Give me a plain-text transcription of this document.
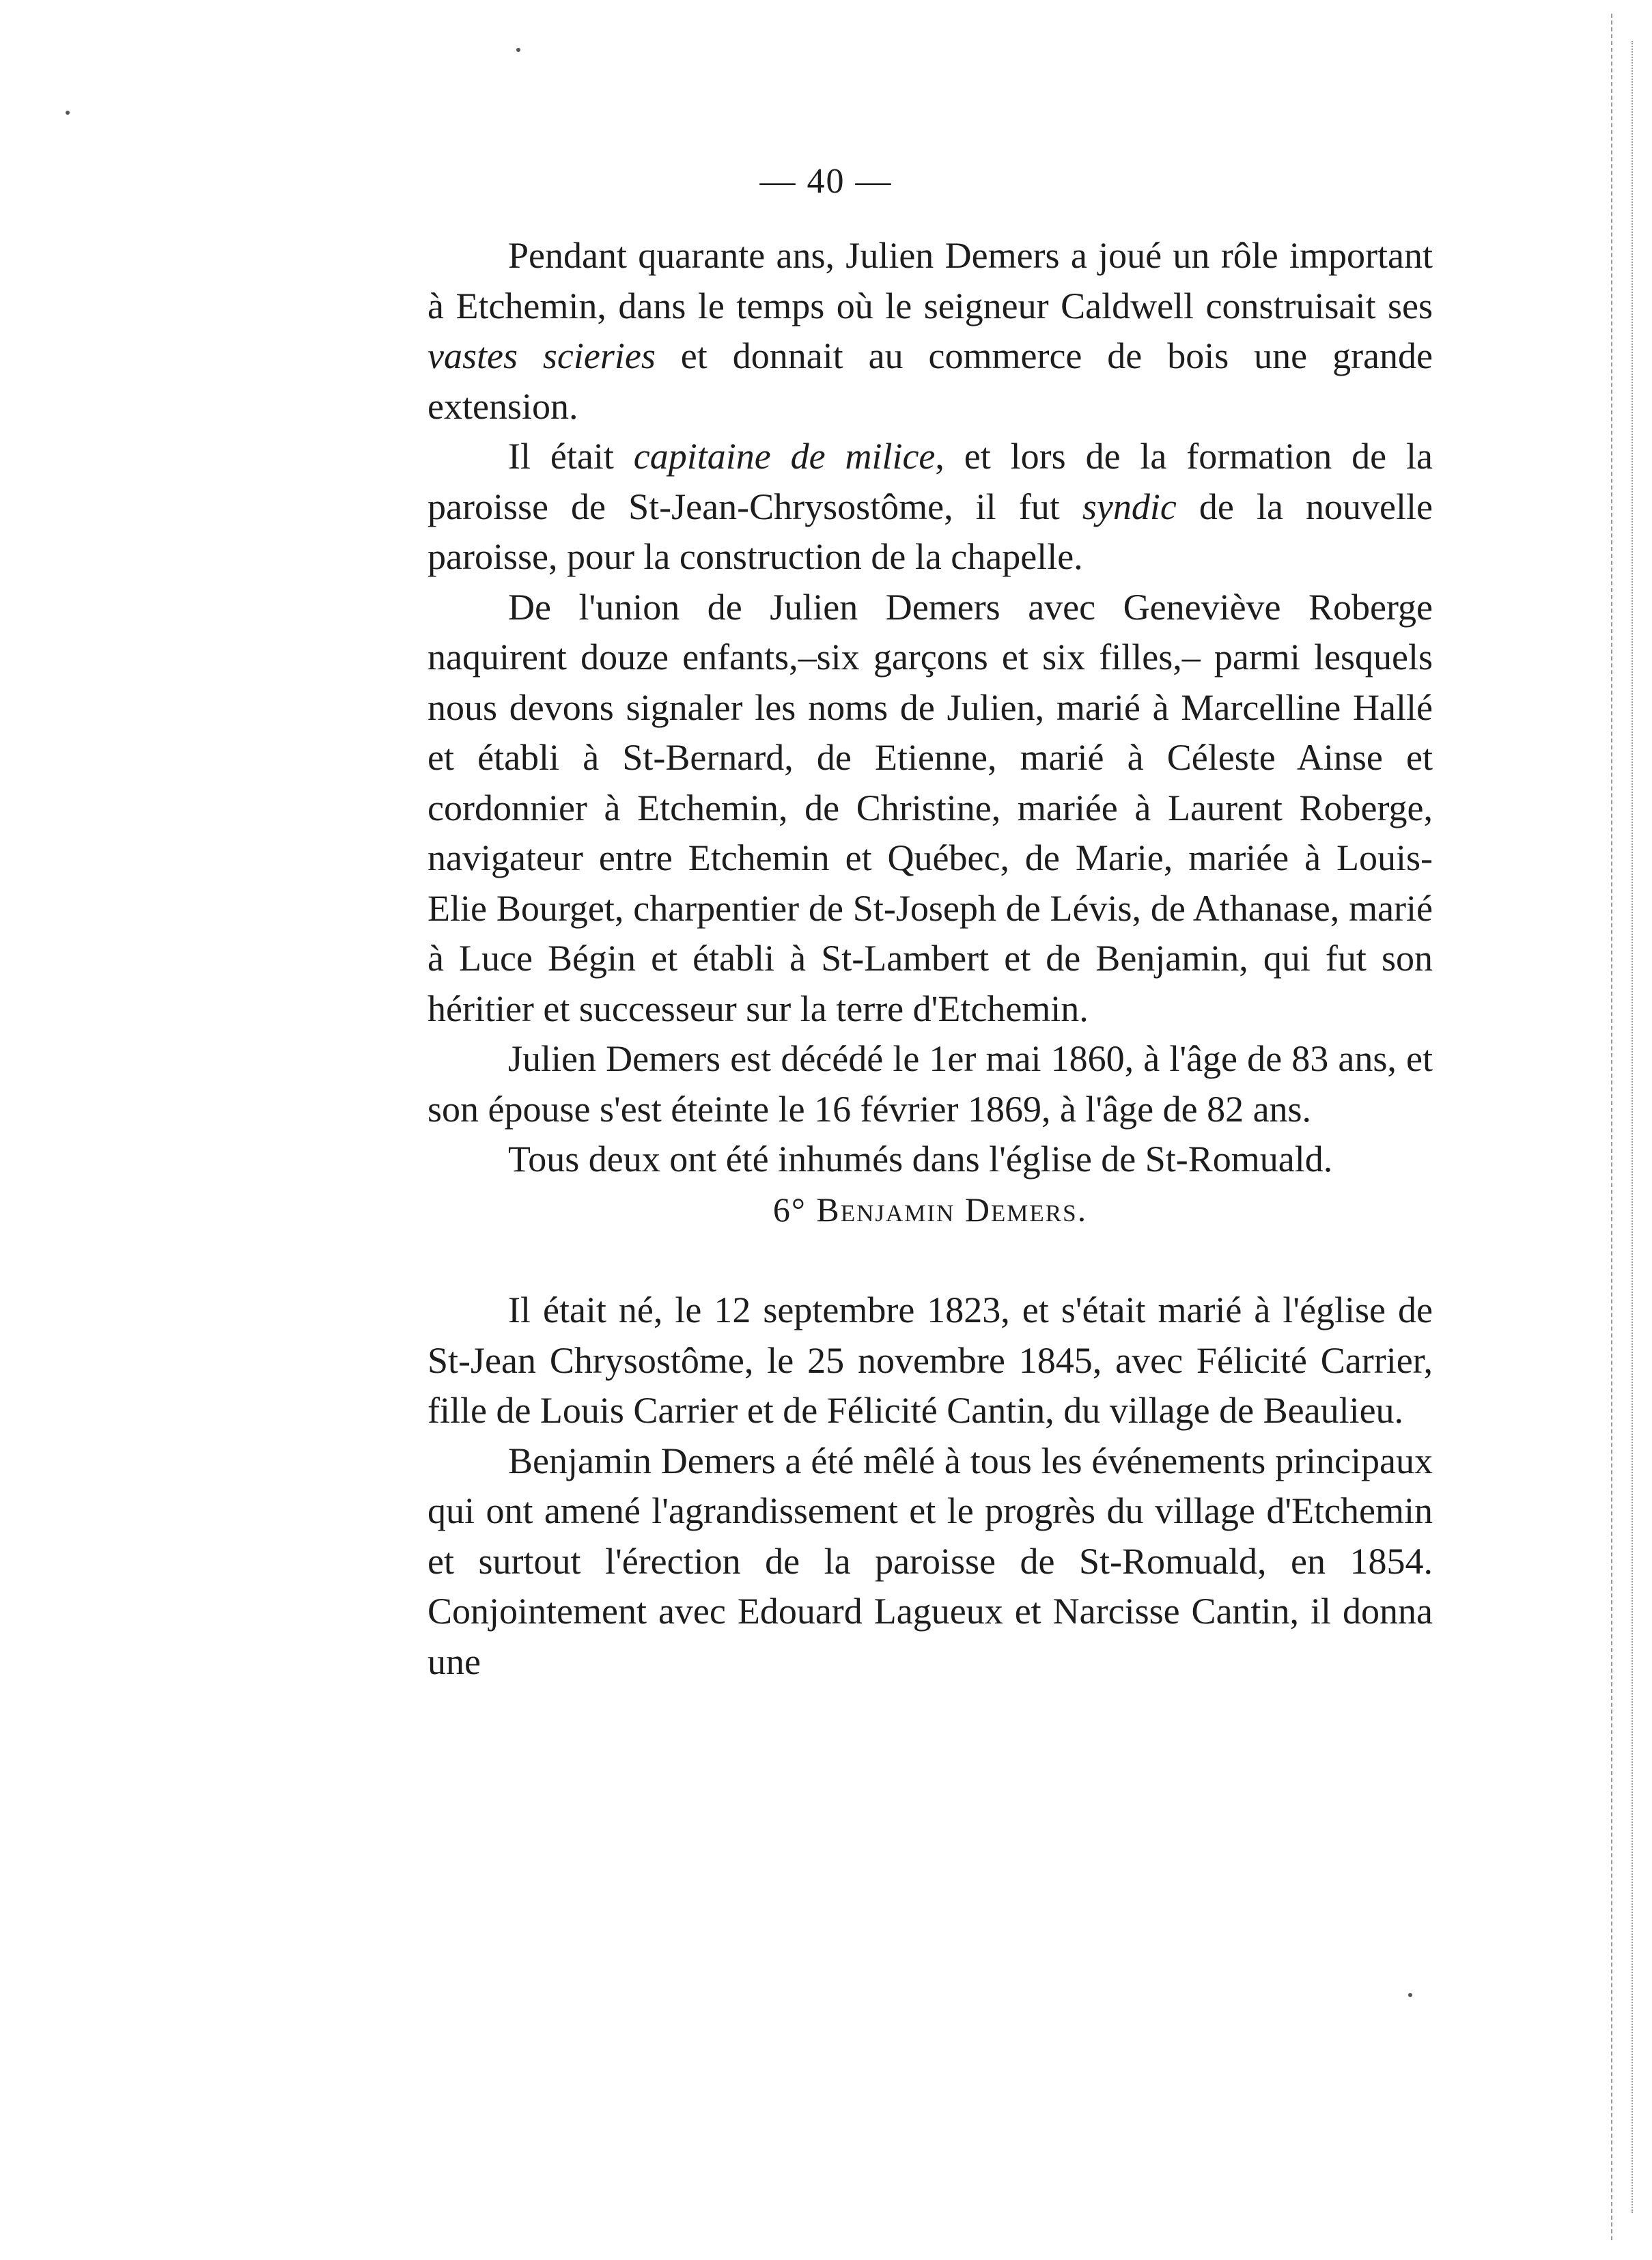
— 40 —

Pendant quarante ans, Julien Demers a joué un rôle important à Etchemin, dans le temps où le seigneur Caldwell construisait ses vastes scieries et donnait au commerce de bois une grande extension.

Il était capitaine de milice, et lors de la formation de la paroisse de St-Jean-Chrysostôme, il fut syndic de la nouvelle paroisse, pour la construction de la chapelle.

De l'union de Julien Demers avec Geneviève Roberge naquirent douze enfants,–six garçons et six filles,– parmi lesquels nous devons signaler les noms de Julien, marié à Marcelline Hallé et établi à St-Bernard, de Etienne, marié à Céleste Ainse et cordonnier à Etchemin, de Christine, mariée à Laurent Roberge, navigateur entre Etchemin et Québec, de Marie, mariée à Louis-Elie Bourget, charpentier de St-Joseph de Lévis, de Athanase, marié à Luce Bégin et établi à St-Lambert et de Benjamin, qui fut son héritier et successeur sur la terre d'Etchemin.

Julien Demers est décédé le 1er mai 1860, à l'âge de 83 ans, et son épouse s'est éteinte le 16 février 1869, à l'âge de 82 ans.

Tous deux ont été inhumés dans l'église de St-Romuald.

6° Benjamin Demers.

Il était né, le 12 septembre 1823, et s'était marié à l'église de St-Jean Chrysostôme, le 25 novembre 1845, avec Félicité Carrier, fille de Louis Carrier et de Félicité Cantin, du village de Beaulieu.

Benjamin Demers a été mêlé à tous les événements principaux qui ont amené l'agrandissement et le progrès du village d'Etchemin et surtout l'érection de la paroisse de St-Romuald, en 1854. Conjointement avec Edouard Lagueux et Narcisse Cantin, il donna une
